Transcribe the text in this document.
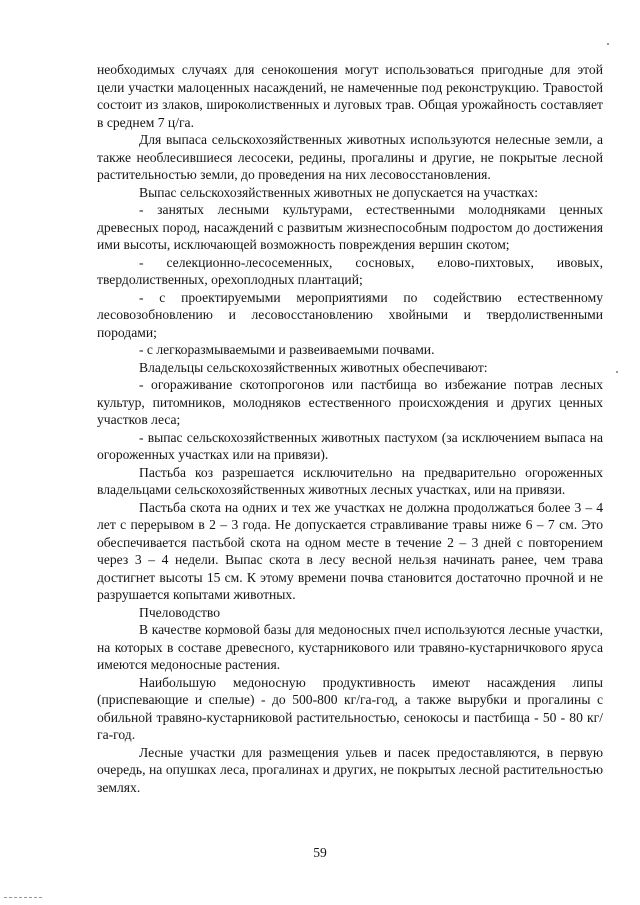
необходимых случаях для сенокошения могут использоваться пригодные для этой цели участки малоценных насаждений, не намеченные под реконструкцию. Травостой состоит из злаков, широколиственных и луговых трав. Общая урожайность составляет в среднем 7 ц/га.

Для выпаса сельскохозяйственных животных используются нелесные земли, а также необлесившиеся лесосеки, редины, прогалины и другие, не покрытые лесной растительностью земли, до проведения на них лесовосстановления.

Выпас сельскохозяйственных животных не допускается на участках:

- занятых лесными культурами, естественными молодняками ценных древесных пород, насаждений с развитым жизнеспособным подростом до достижения ими высоты, исключающей возможность повреждения вершин скотом;

- селекционно-лесосеменных, сосновых, елово-пихтовых, ивовых, твердолиственных, орехоплодных плантаций;

- с проектируемыми мероприятиями по содействию естественному лесовозобновлению и лесовосстановлению хвойными и твердолиственными породами;

- с легкоразмываемыми и развеиваемыми почвами.

Владельцы сельскохозяйственных животных обеспечивают:

- огораживание скотопрогонов или пастбища во избежание потрав лесных культур, питомников, молодняков естественного происхождения и других ценных участков леса;

- выпас сельскохозяйственных животных пастухом (за исключением выпаса на огороженных участках или на привязи).

Пастьба коз разрешается исключительно на предварительно огороженных владельцами сельскохозяйственных животных лесных участках, или на привязи.

Пастьба скота на одних и тех же участках не должна продолжаться более 3 – 4 лет с перерывом в 2 – 3 года. Не допускается стравливание травы ниже 6 – 7 см. Это обеспечивается пастьбой скота на одном месте в течение 2 – 3 дней с повторением через 3 – 4 недели. Выпас скота в лесу весной нельзя начинать ранее, чем трава достигнет высоты 15 см. К этому времени почва становится достаточно прочной и не разрушается копытами животных.

Пчеловодство

В качестве кормовой базы для медоносных пчел используются лесные участки, на которых в составе древесного, кустарникового или травяно-кустарничкового яруса имеются медоносные растения.

Наибольшую медоносную продуктивность имеют насаждения липы (приспевающие и спелые) - до 500-800 кг/га-год, а также вырубки и прогалины с обильной травяно-кустарниковой растительностью, сенокосы и пастбища - 50 - 80 кг/га-год.

Лесные участки для размещения ульев и пасек предоставляются, в первую очередь, на опушках леса, прогалинах и других, не покрытых лесной растительностью землях.

59
